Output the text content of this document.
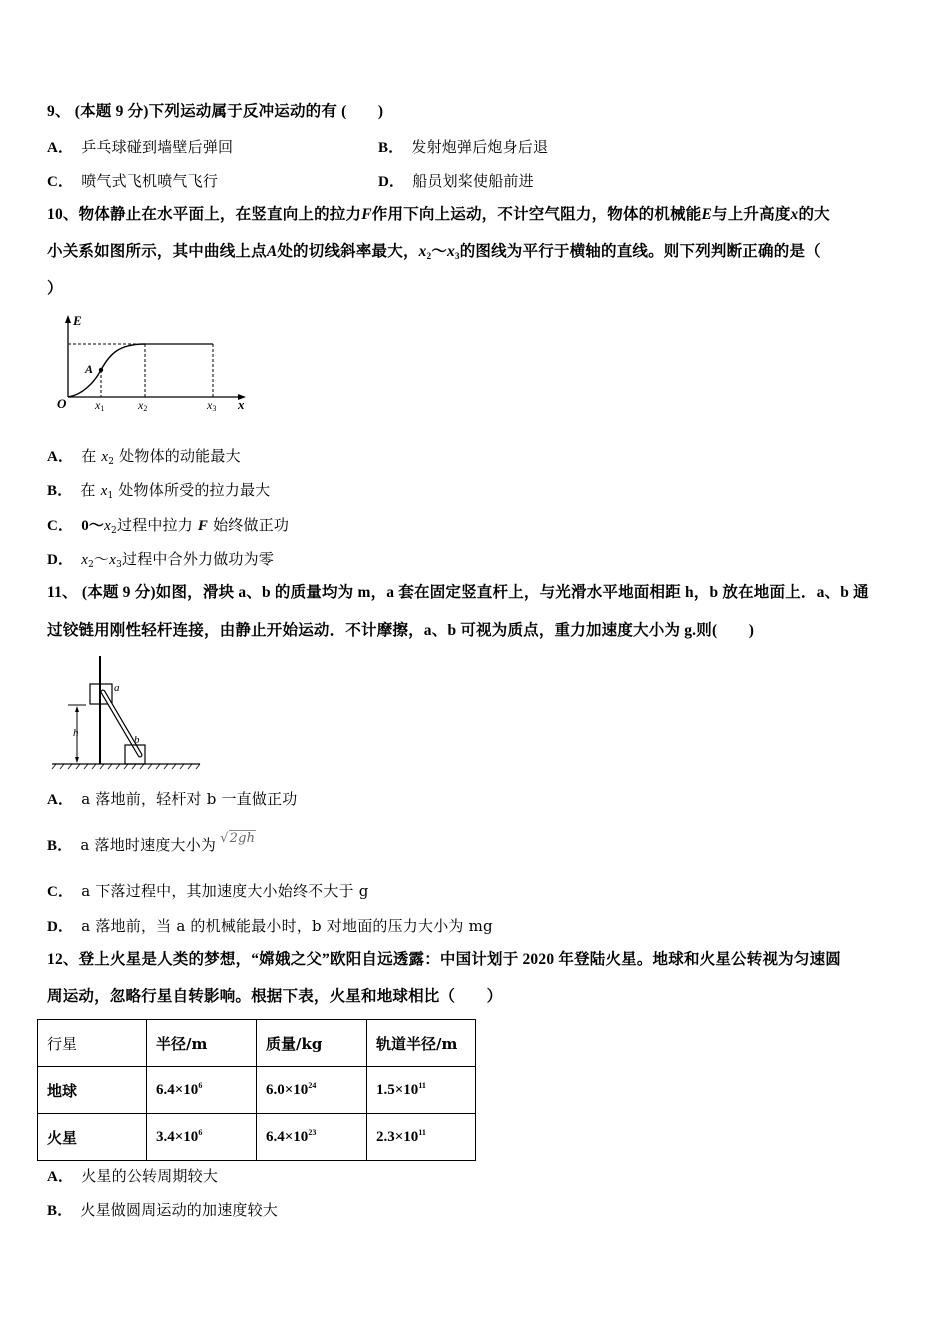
9、 (本题 9 分)下列运动属于反冲运动的有 (　　)
A． 乒乓球碰到墙壁后弹回	B． 发射炮弹后炮身后退
C． 喷气式飞机喷气飞行	D． 船员划桨使船前进
10、物体静止在水平面上，在竖直向上的拉力F作用下向上运动，不计空气阻力，物体的机械能E与上升高度x的大
小关系如图所示，其中曲线上点A处的切线斜率最大，$x_2\sim x_3$的图线为平行于横轴的直线。则下列判断正确的是（
）
E
A
O x1	x2	x3 x
A． 在 $x_2$ 处物体的动能最大
B． 在 $x_1$ 处物体所受的拉力最大
C． $0\sim x_2$过程中拉力 F 始终做正功
D． $x_2\sim x_3$过程中合外力做功为零
11、 (本题 9 分)如图，滑块 a、b 的质量均为 m，a 套在固定竖直杆上，与光滑水平地面相距 h，b 放在地面上．a、b 通
过铰链用刚性轻杆连接，由静止开始运动．不计摩擦，a、b 可视为质点，重力加速度大小为 g.则(　　)
a
b
h
A． a 落地前，轻杆对 b 一直做正功
B． a 落地时速度大小为 √2gh
C． a 下落过程中，其加速度大小始终不大于 g
D． a 落地前，当 a 的机械能最小时，b 对地面的压力大小为 mg
12、登上火星是人类的梦想，“嫦娥之父”欧阳自远透露：中国计划于 2020 年登陆火星。地球和火星公转视为匀速圆
周运动，忽略行星自转影响。根据下表，火星和地球相比（　　）
行星	半径/m	质量/kg	轨道半径/m
地球	$6.4\times 10^6$	$6.0\times 10^{24}$	$1.5\times 10^{11}$
火星	$3.4\times 10^6$	$6.4\times 10^{23}$	$2.3\times 10^{11}$
A． 火星的公转周期较大
B． 火星做圆周运动的加速度较大
